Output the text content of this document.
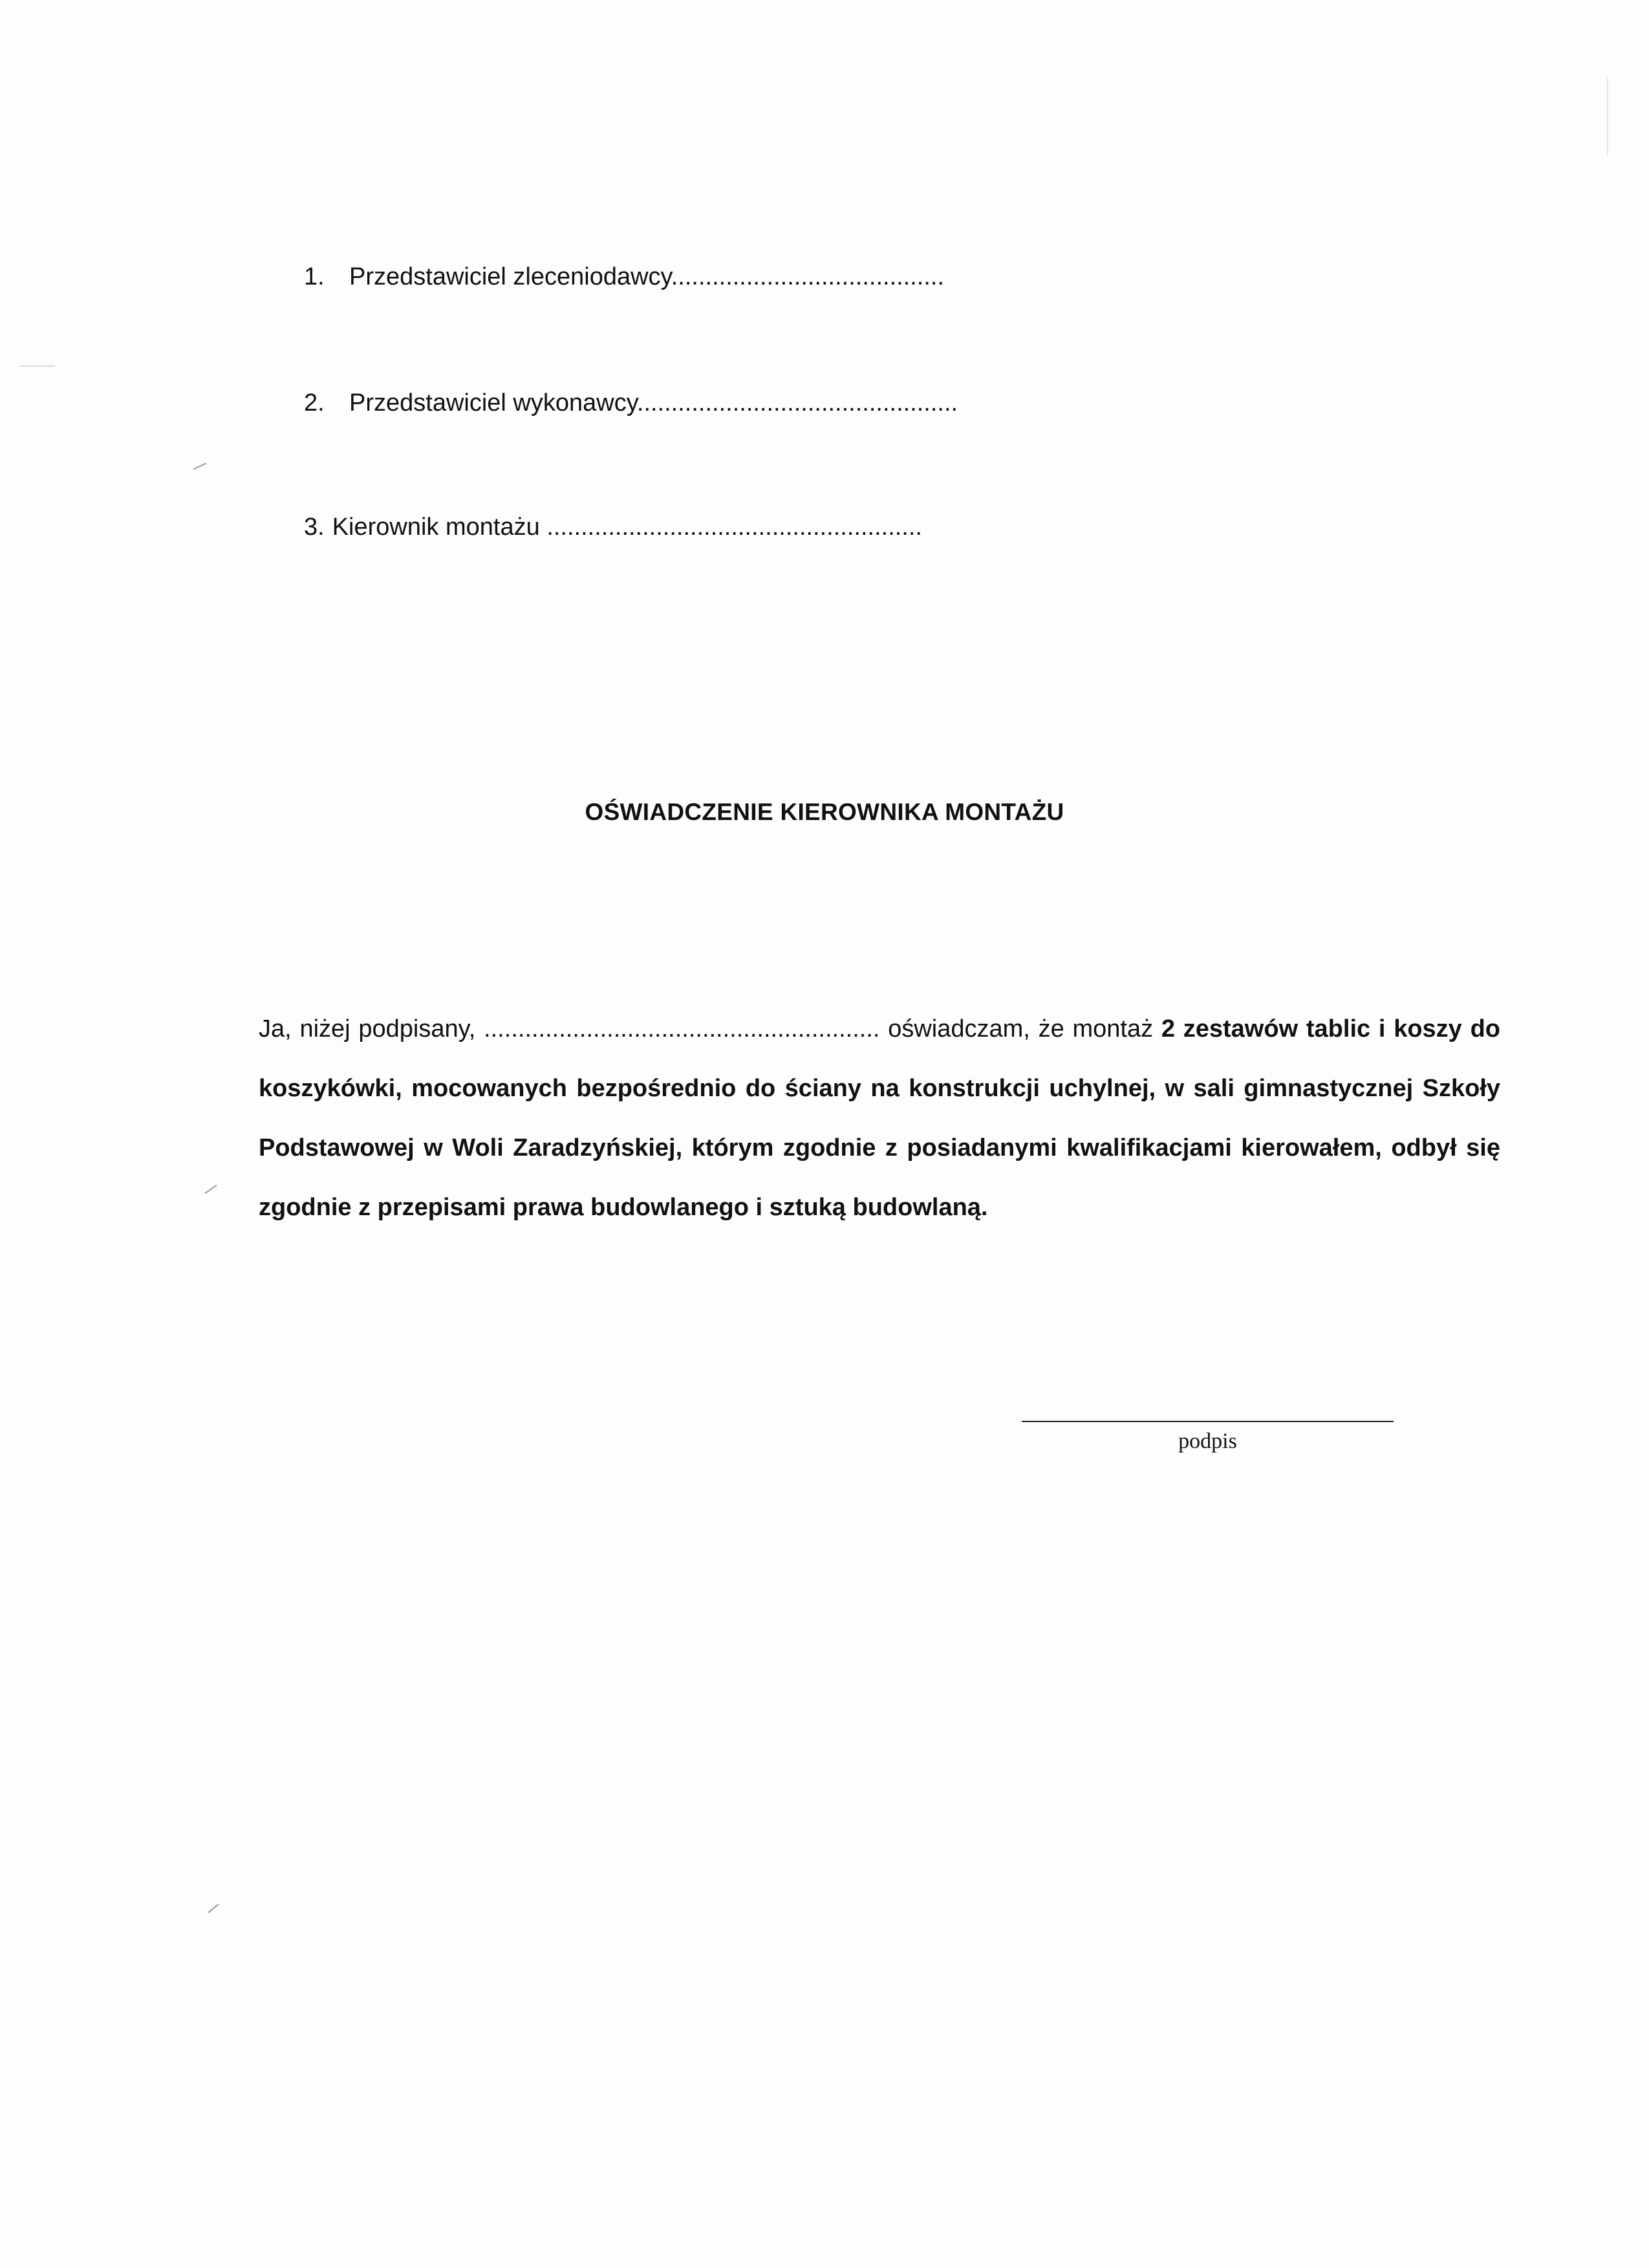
1. Przedstawiciel zleceniodawcy........................................
2. Przedstawiciel wykonawcy...............................................
3. Kierownik montażu .......................................................
OŚWIADCZENIE KIEROWNIKA MONTAŻU

Ja, niżej podpisany, .......................................................... oświadczam, że montaż 2 zestawów tablic i koszy do koszykówki, mocowanych bezpośrednio do ściany na konstrukcji uchylnej, w sali gimnastycznej Szkoły Podstawowej w Woli Zaradzyńskiej, którym zgodnie z posiadanymi kwalifikacjami kierowałem, odbył się zgodnie z przepisami prawa budowlanego i sztuką budowlaną.

podpis
